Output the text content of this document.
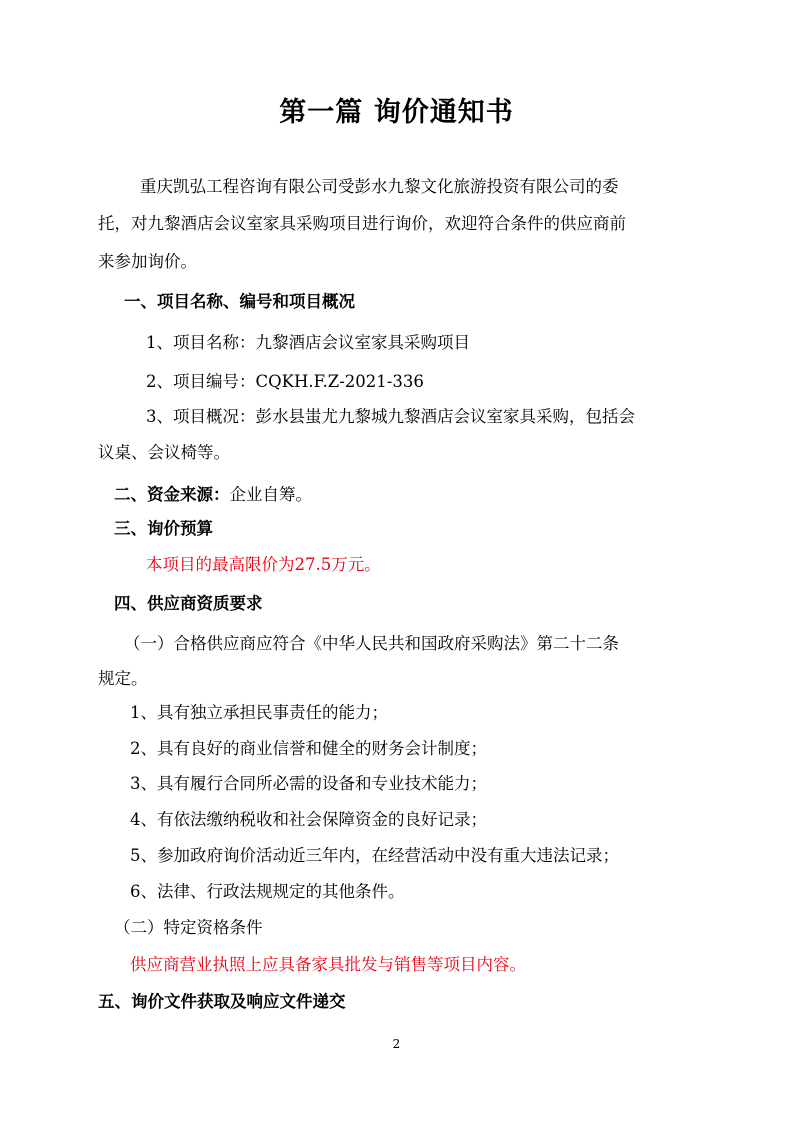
第一篇 询价通知书

重庆凯弘工程咨询有限公司受彭水九黎文化旅游投资有限公司的委

托，对九黎酒店会议室家具采购项目进行询价，欢迎符合条件的供应商前

来参加询价。

一、项目名称、编号和项目概况

1、项目名称：九黎酒店会议室家具采购项目

2、项目编号：CQKH.F.Z-2021-336

3、项目概况：彭水县蚩尤九黎城九黎酒店会议室家具采购，包括会

议桌、会议椅等。

二、资金来源：企业自筹。

三、询价预算

本项目的最高限价为27.5万元。

四、供应商资质要求

（一）合格供应商应符合《中华人民共和国政府采购法》第二十二条

规定。

1、具有独立承担民事责任的能力；

2、具有良好的商业信誉和健全的财务会计制度；

3、具有履行合同所必需的设备和专业技术能力；

4、有依法缴纳税收和社会保障资金的良好记录；

5、参加政府询价活动近三年内，在经营活动中没有重大违法记录；

6、法律、行政法规规定的其他条件。

（二）特定资格条件

供应商营业执照上应具备家具批发与销售等项目内容。

五、询价文件获取及响应文件递交

2
